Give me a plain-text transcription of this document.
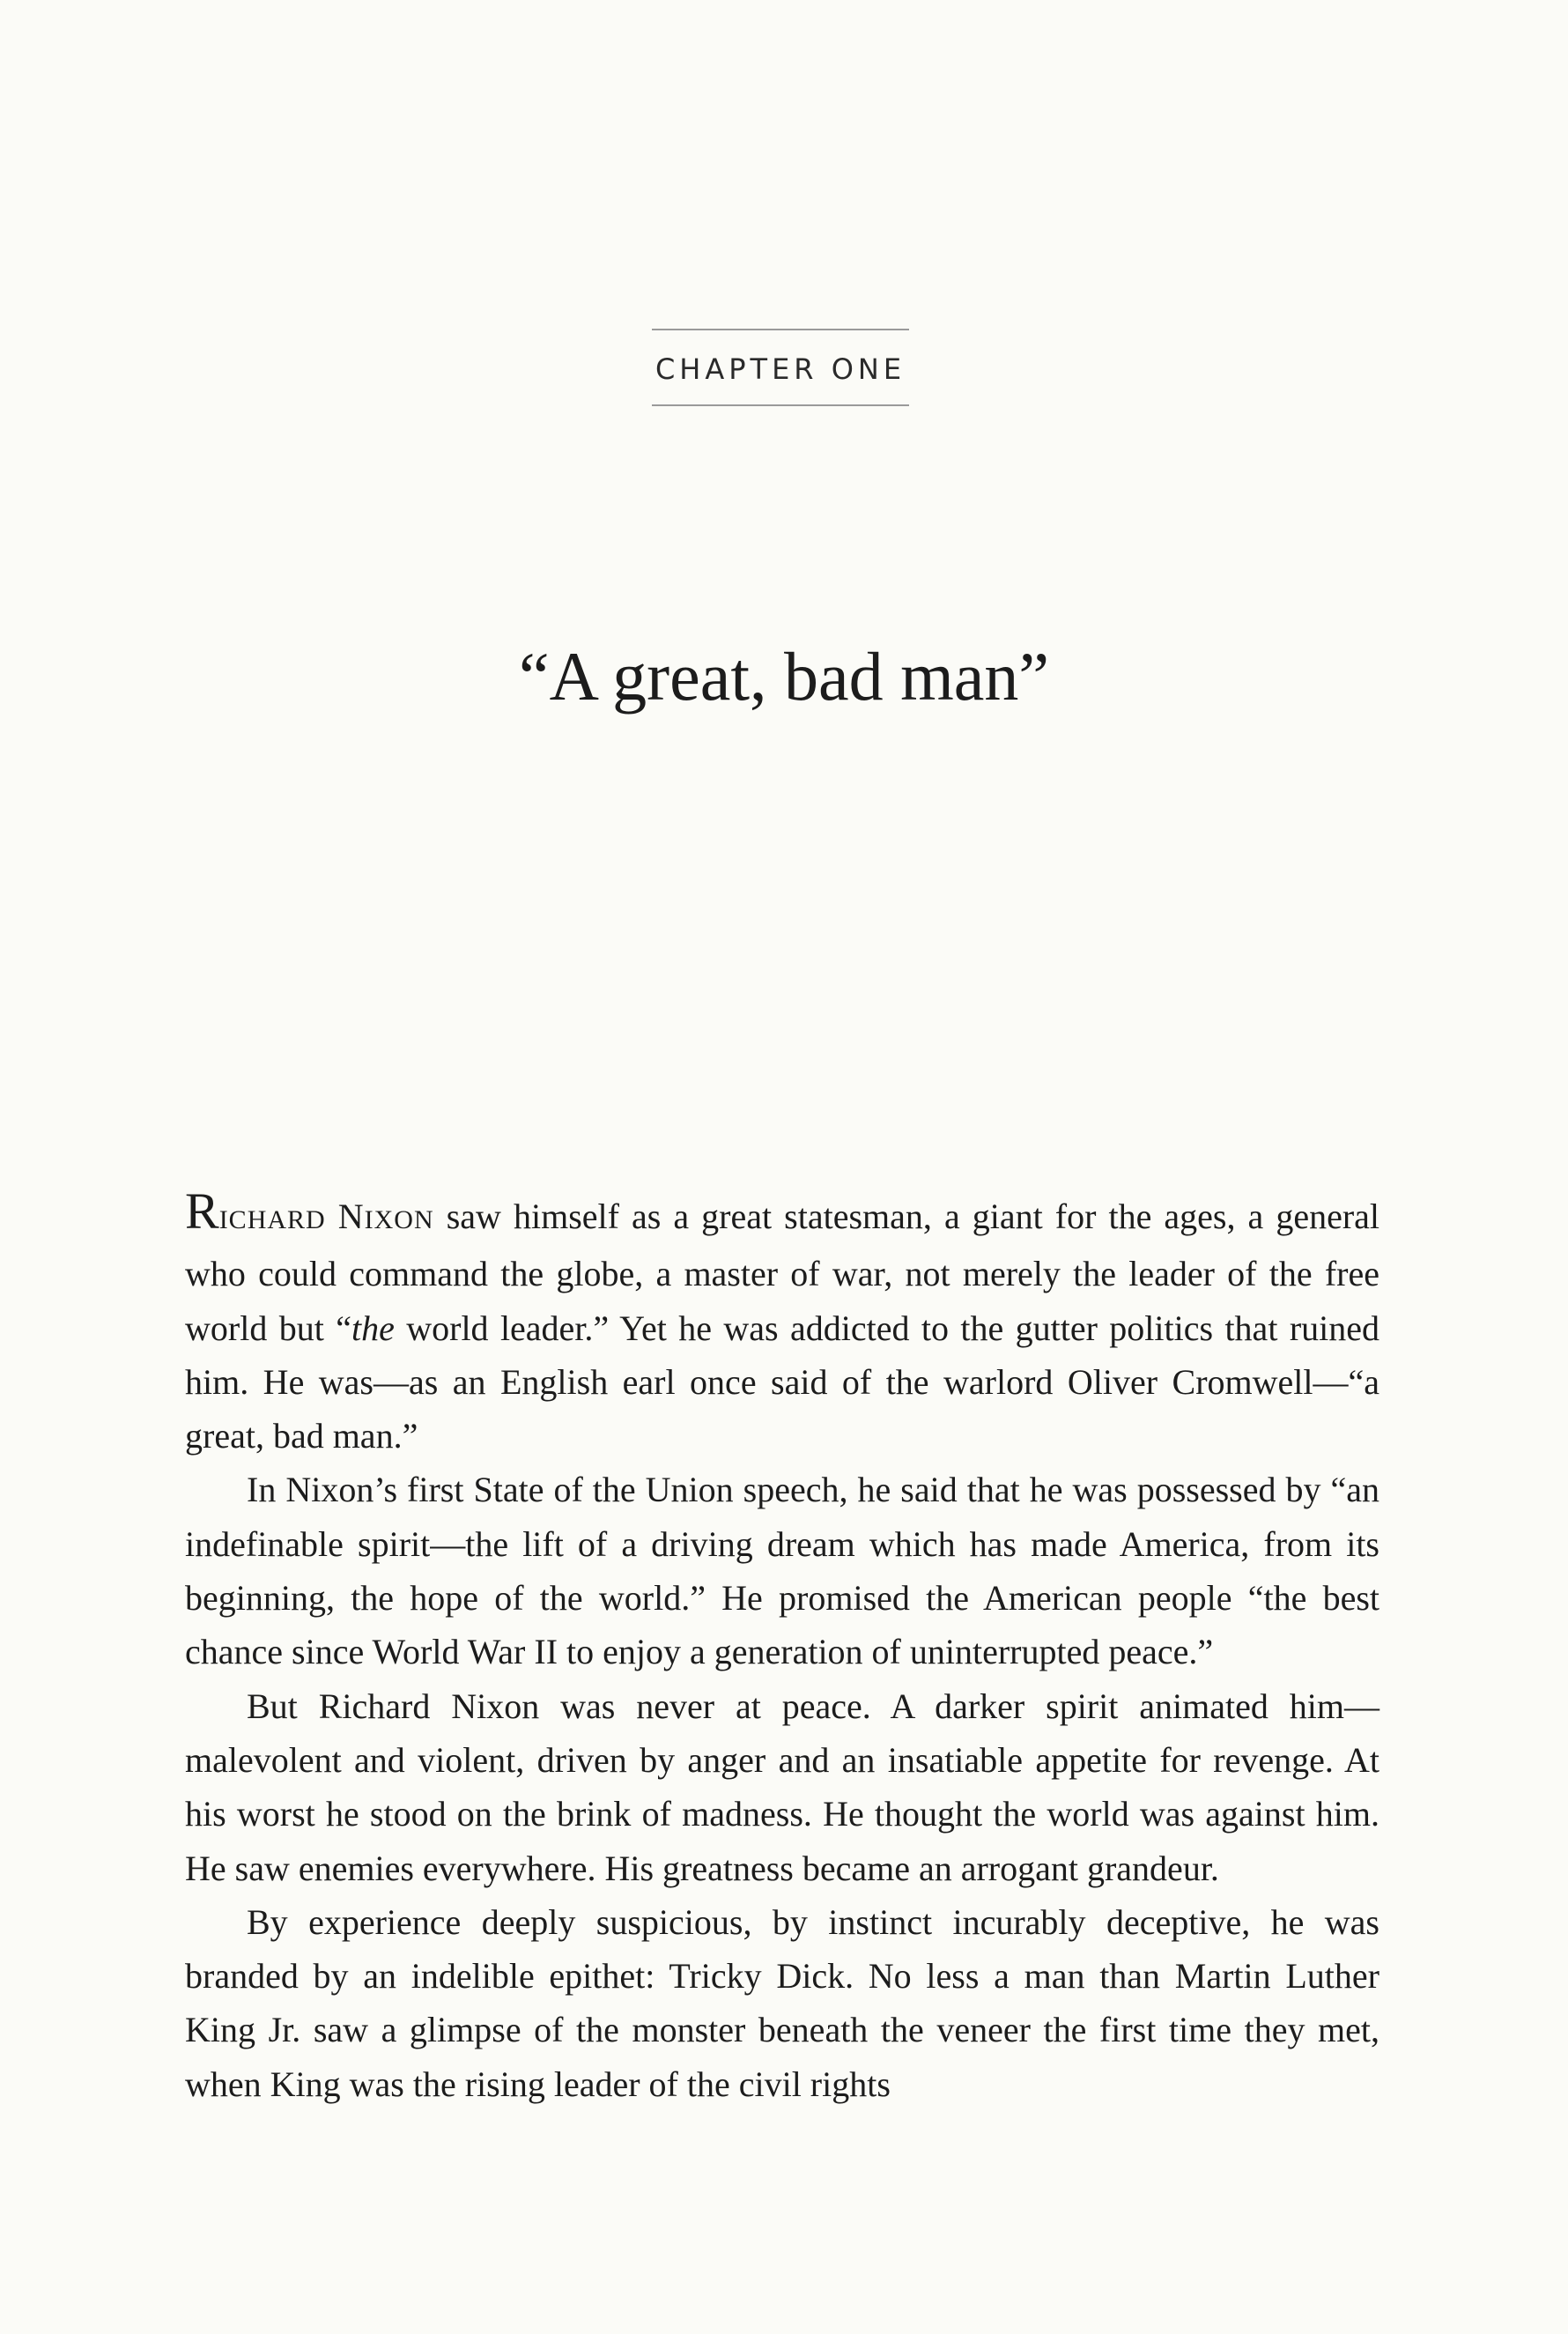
CHAPTER ONE
“A great, bad man”

RICHARD NIXON saw himself as a great statesman, a giant for the ages, a general who could command the globe, a master of war, not merely the leader of the free world but “the world leader.” Yet he was addicted to the gutter politics that ruined him. He was—as an English earl once said of the warlord Oliver Cromwell—“a great, bad man.”

In Nixon’s first State of the Union speech, he said that he was possessed by “an indefinable spirit—the lift of a driving dream which has made America, from its beginning, the hope of the world.” He promised the American people “the best chance since World War II to enjoy a generation of uninterrupted peace.”

But Richard Nixon was never at peace. A darker spirit animated him—malevolent and violent, driven by anger and an insatiable appetite for revenge. At his worst he stood on the brink of madness. He thought the world was against him. He saw enemies everywhere. His greatness became an arrogant grandeur.

By experience deeply suspicious, by instinct incurably deceptive, he was branded by an indelible epithet: Tricky Dick. No less a man than Martin Luther King Jr. saw a glimpse of the monster beneath the veneer the first time they met, when King was the rising leader of the civil rights
